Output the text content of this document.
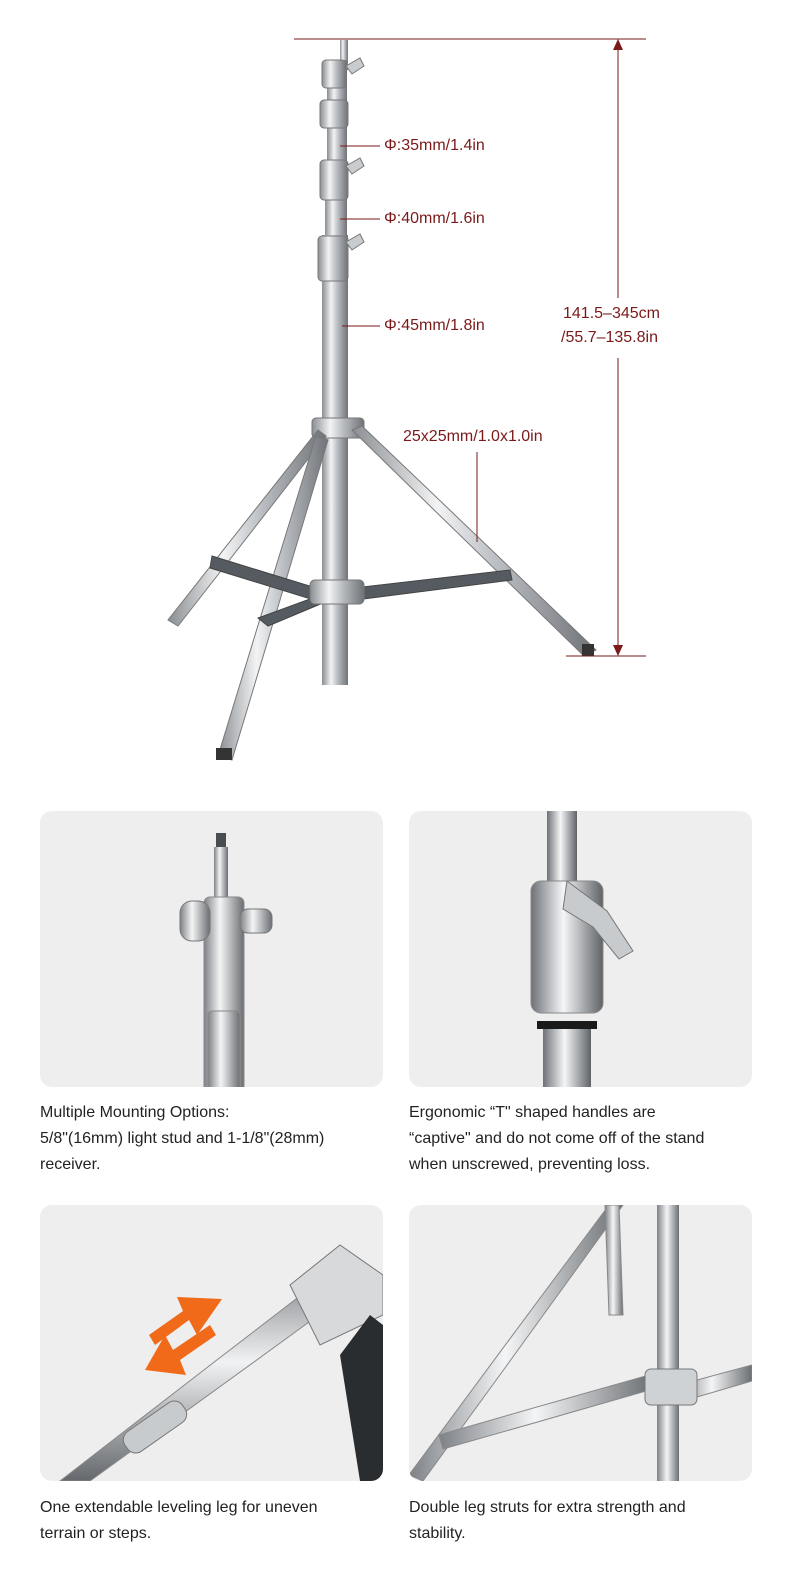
Φ:35mm/1.4in
Φ:40mm/1.6in
Φ:45mm/1.8in
141.5–345cm
/55.7–135.8in
25x25mm/1.0x1.0in
Multiple Mounting Options:
5/8"(16mm) light stud and 1-1/8"(28mm)
receiver.
Ergonomic “T" shaped handles are
“captive" and do not come off of the stand
when unscrewed, preventing loss.
One extendable leveling leg for uneven
terrain or steps.
Double leg struts for extra strength and
stability.
